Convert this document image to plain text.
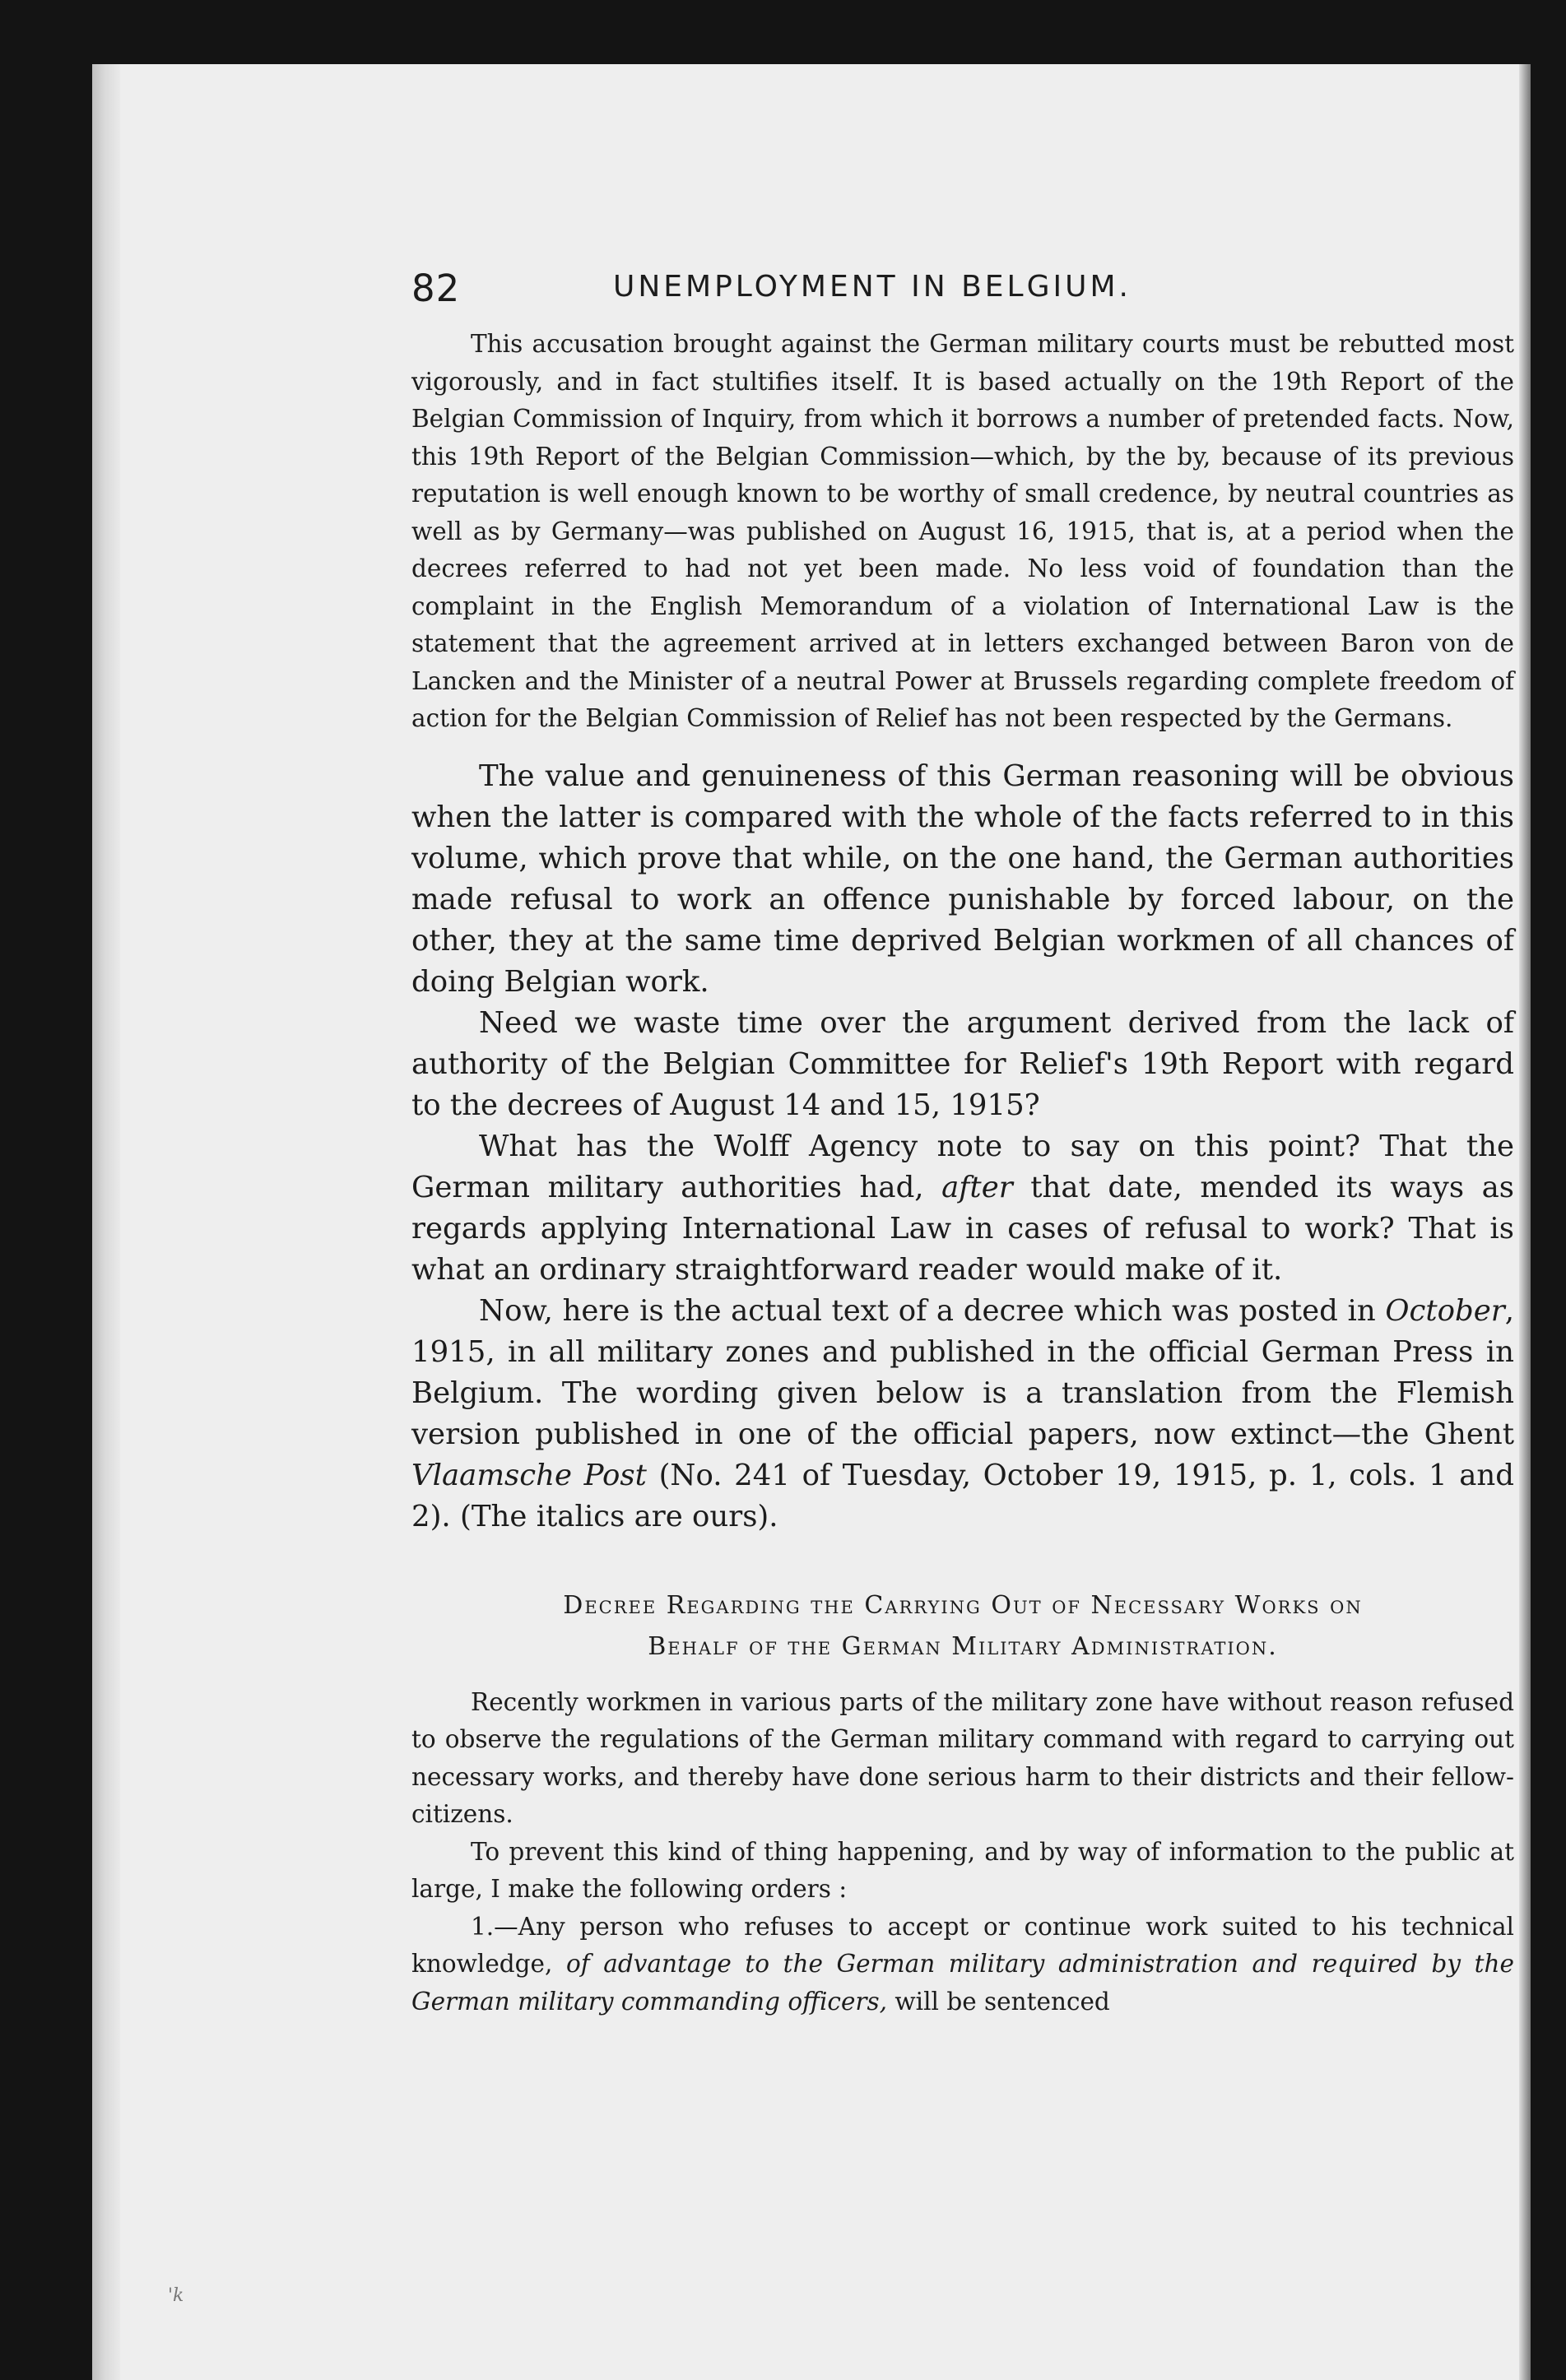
82	UNEMPLOYMENT IN BELGIUM.

This accusation brought against the German military courts must be rebutted most vigorously, and in fact stultifies itself. It is based actually on the 19th Report of the Belgian Commission of Inquiry, from which it borrows a number of pretended facts. Now, this 19th Report of the Belgian Commission—which, by the by, because of its previous reputation is well enough known to be worthy of small credence, by neutral countries as well as by Germany—was published on August 16, 1915, that is, at a period when the decrees referred to had not yet been made. No less void of foundation than the complaint in the English Memorandum of a violation of International Law is the statement that the agreement arrived at in letters exchanged between Baron von de Lancken and the Minister of a neutral Power at Brussels regarding complete freedom of action for the Belgian Commission of Relief has not been respected by the Germans.

The value and genuineness of this German reasoning will be obvious when the latter is compared with the whole of the facts referred to in this volume, which prove that while, on the one hand, the German authorities made refusal to work an offence punishable by forced labour, on the other, they at the same time deprived Belgian workmen of all chances of doing Belgian work.

Need we waste time over the argument derived from the lack of authority of the Belgian Committee for Relief's 19th Report with regard to the decrees of August 14 and 15, 1915?

What has the Wolff Agency note to say on this point? That the German military authorities had, after that date, mended its ways as regards applying International Law in cases of refusal to work? That is what an ordinary straightforward reader would make of it.

Now, here is the actual text of a decree which was posted in October, 1915, in all military zones and published in the official German Press in Belgium. The wording given below is a translation from the Flemish version published in one of the official papers, now extinct—the Ghent Vlaamsche Post (No. 241 of Tuesday, October 19, 1915, p. 1, cols. 1 and 2). (The italics are ours).

Decree Regarding the Carrying Out of Necessary Works on
Behalf of the German Military Administration.

Recently workmen in various parts of the military zone have without reason refused to observe the regulations of the German military command with regard to carrying out necessary works, and thereby have done serious harm to their districts and their fellow-citizens.

To prevent this kind of thing happening, and by way of information to the public at large, I make the following orders :

1.—Any person who refuses to accept or continue work suited to his technical knowledge, of advantage to the German military administration and required by the German military commanding officers, will be sentenced

'k
